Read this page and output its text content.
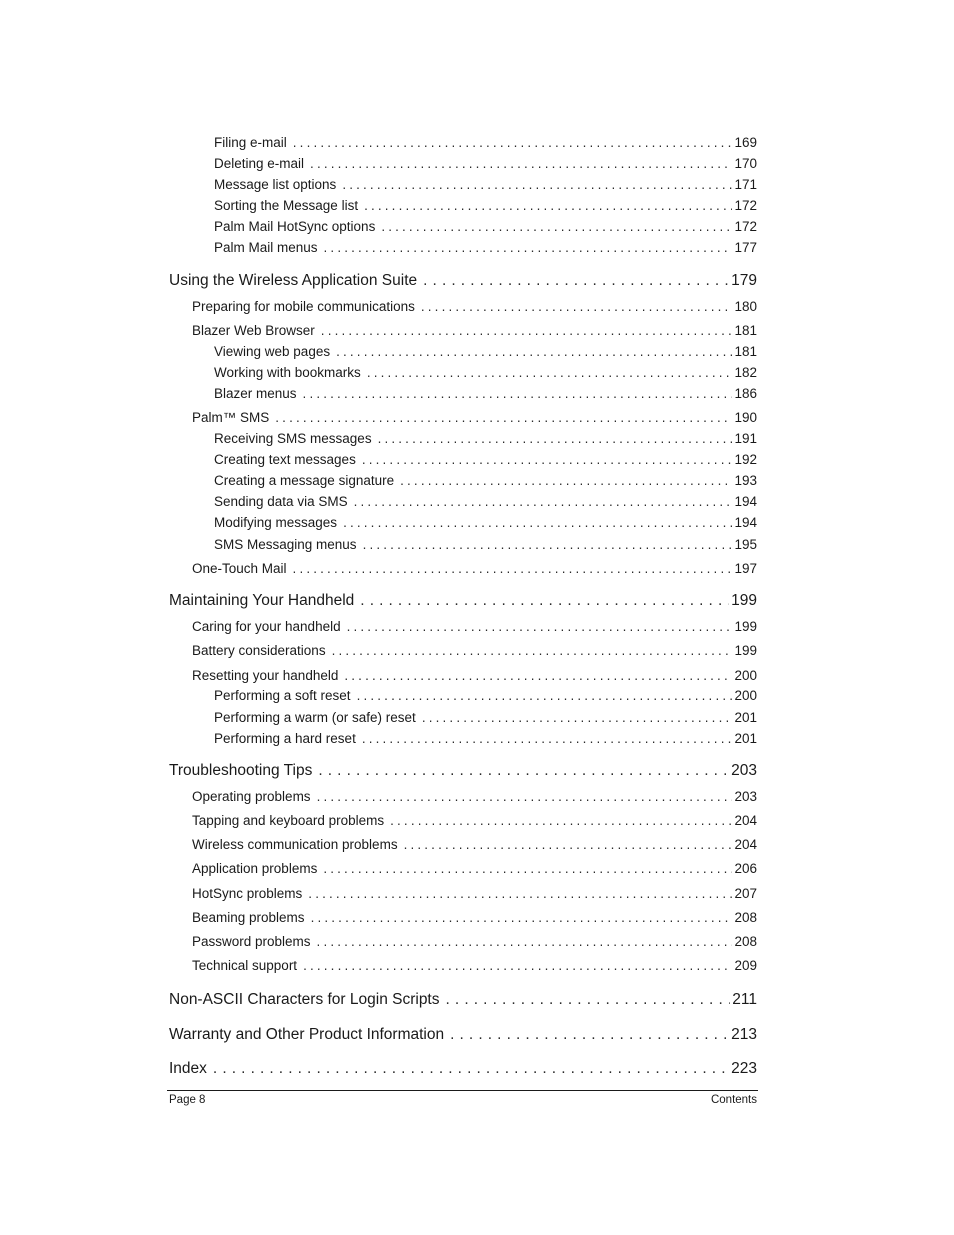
Filing e-mail . . .	169
Deleting e-mail . . .	170
Message list options . . .	171
Sorting the Message list . . .	172
Palm Mail HotSync options . . .	172
Palm Mail menus . . .	177
Using the Wireless Application Suite . . .	179
Preparing for mobile communications . . .	180
Blazer Web Browser . . .	181
Viewing web pages . . .	181
Working with bookmarks . . .	182
Blazer menus . . .	186
Palm™ SMS . . .	190
Receiving SMS messages . . .	191
Creating text messages . . .	192
Creating a message signature . . .	193
Sending data via SMS . . .	194
Modifying messages . . .	194
SMS Messaging menus . . .	195
One-Touch Mail . . .	197
Maintaining Your Handheld . . .	199
Caring for your handheld . . .	199
Battery considerations . . .	199
Resetting your handheld . . .	200
Performing a soft reset . . .	200
Performing a warm (or safe) reset . . .	201
Performing a hard reset . . .	201
Troubleshooting Tips . . .	203
Operating problems . . .	203
Tapping and keyboard problems . . .	204
Wireless communication problems . . .	204
Application problems . . .	206
HotSync problems . . .	207
Beaming problems . . .	208
Password problems . . .	208
Technical support . . .	209
Non-ASCII Characters for Login Scripts . . .	211
Warranty and Other Product Information . . .	213
Index . . .	223
Page 8	Contents
